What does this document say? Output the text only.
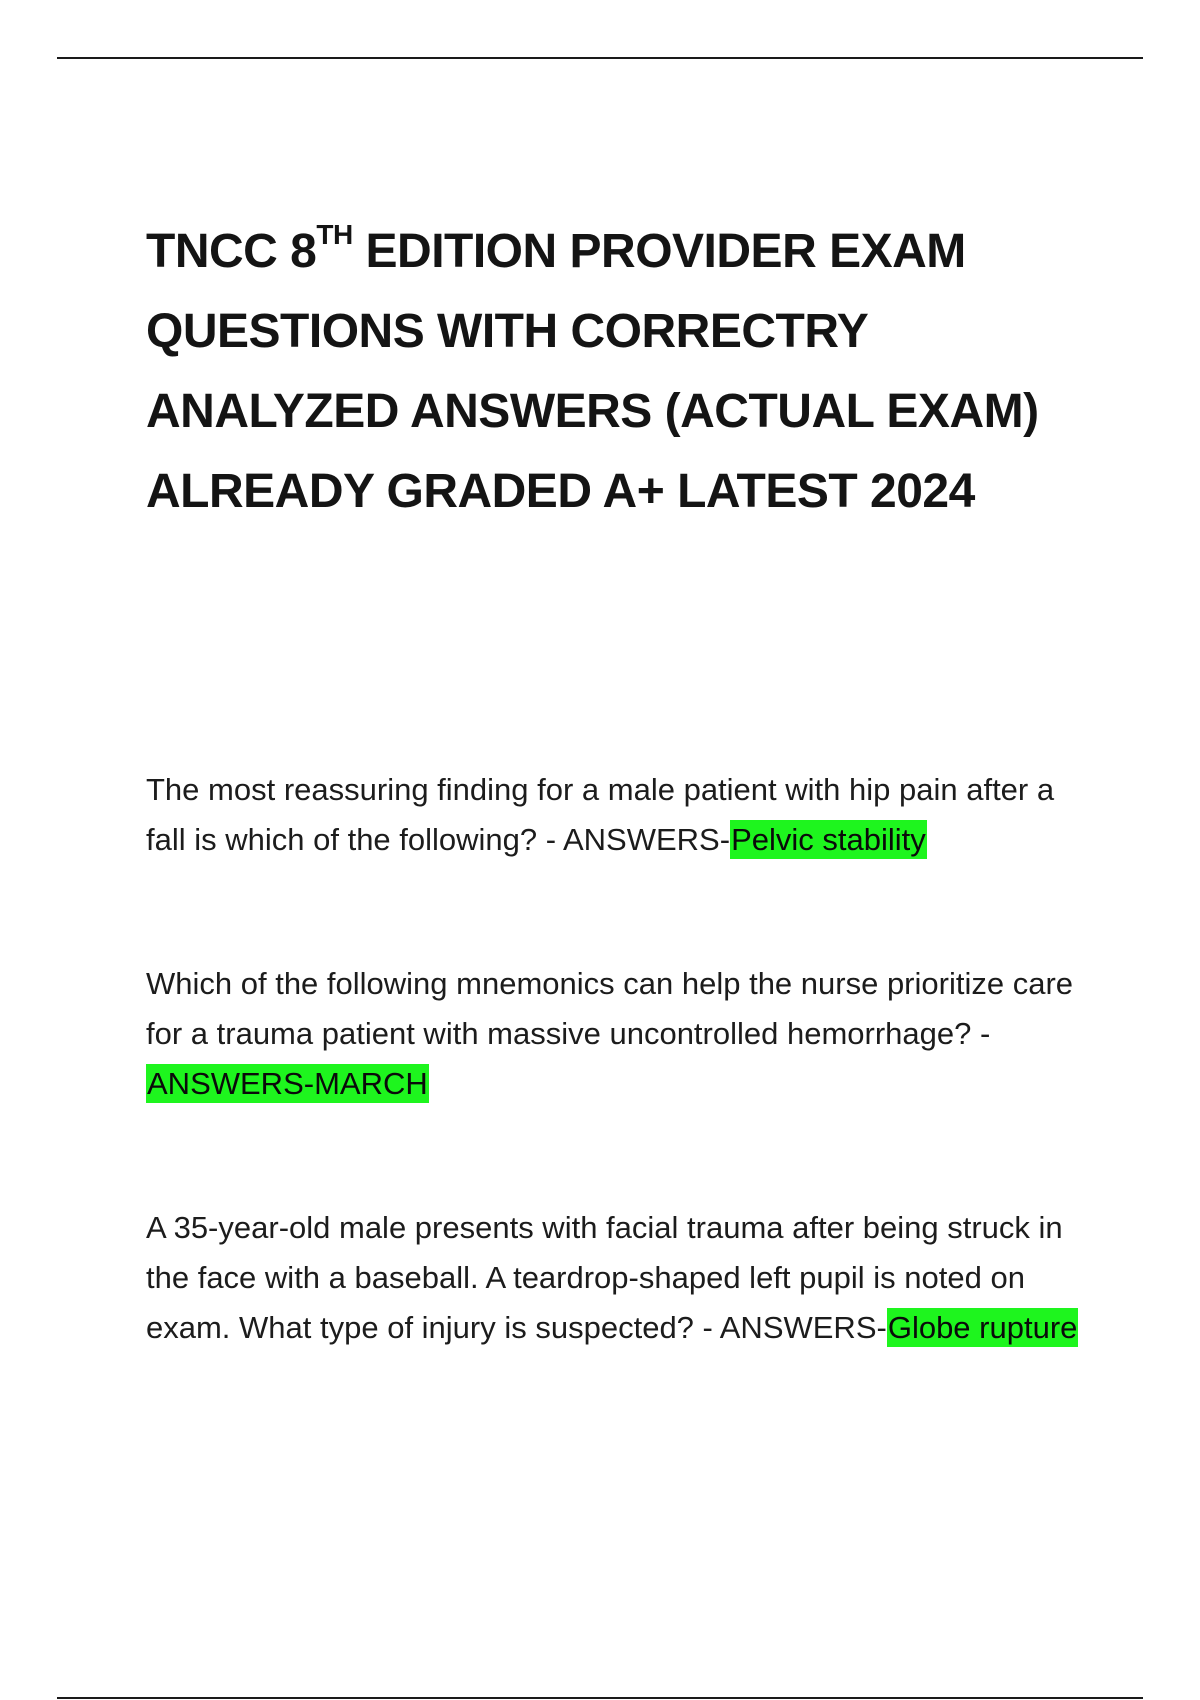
TNCC 8TH EDITION PROVIDER EXAM
QUESTIONS WITH CORRECTRY
ANALYZED ANSWERS (ACTUAL EXAM)
ALREADY GRADED A+ LATEST 2024

The most reassuring finding for a male patient with hip pain after a fall is which of the following? - ANSWERS-Pelvic stability

Which of the following mnemonics can help the nurse prioritize care for a trauma patient with massive uncontrolled hemorrhage? - ANSWERS-MARCH

A 35-year-old male presents with facial trauma after being struck in the face with a baseball. A teardrop-shaped left pupil is noted on exam. What type of injury is suspected? - ANSWERS-Globe rupture
